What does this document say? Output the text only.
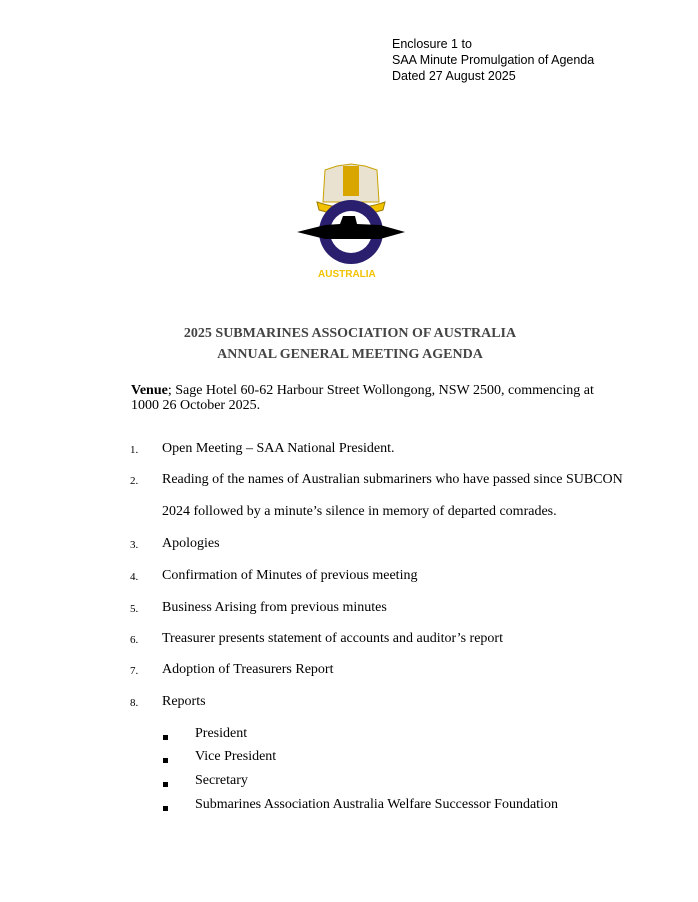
Enclosure 1 to
SAA Minute Promulgation of Agenda
Dated 27 August 2025
AUSTRALIA
2025 SUBMARINES ASSOCIATION OF AUSTRALIA
ANNUAL GENERAL MEETING AGENDA
Venue; Sage Hotel 60-62 Harbour Street Wollongong, NSW 2500, commencing at 1000 26 October 2025.
1. Open Meeting – SAA National President.
2. Reading of the names of Australian submariners who have passed since SUBCON
2024 followed by a minute’s silence in memory of departed comrades.
3. Apologies
4. Confirmation of Minutes of previous meeting
5. Business Arising from previous minutes
6. Treasurer presents statement of accounts and auditor’s report
7. Adoption of Treasurers Report
8. Reports
President
Vice President
Secretary
Submarines Association Australia Welfare Successor Foundation
